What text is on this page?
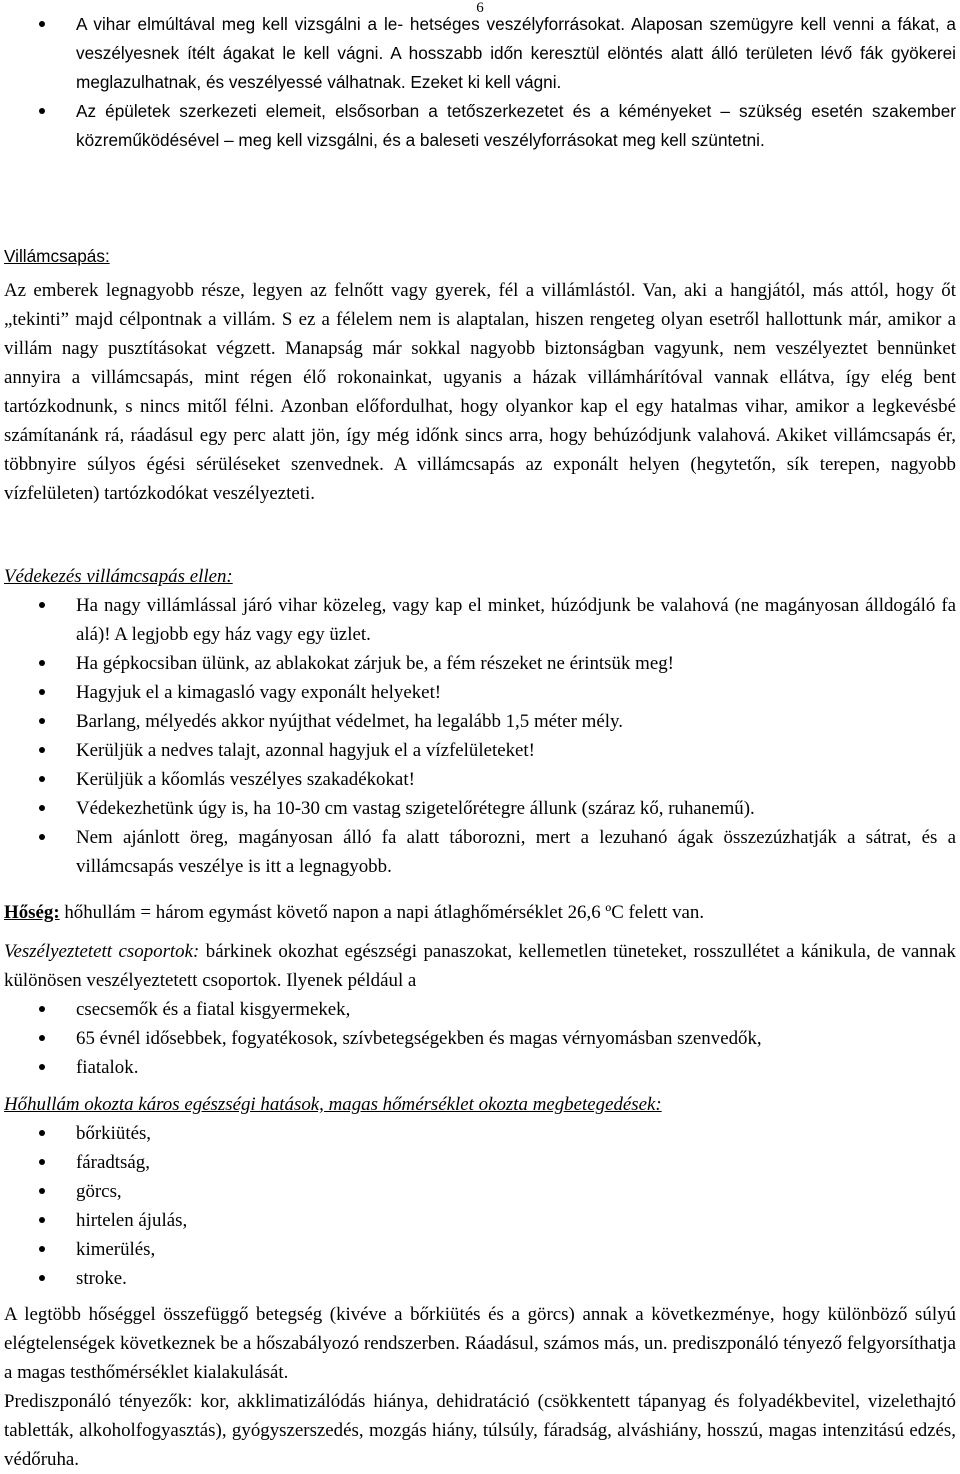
6
A vihar elmúltával meg kell vizsgálni a le- hetséges veszélyforrásokat. Alaposan szemügyre kell venni a fákat, a veszélyesnek ítélt ágakat le kell vágni. A hosszabb időn keresztül elöntés alatt álló területen lévő fák gyökerei meglazulhatnak, és veszélyessé válhatnak. Ezeket ki kell vágni.
Az épületek szerkezeti elemeit, elsősorban a tetőszerkezetet és a kéményeket – szükség esetén szakember közreműködésével – meg kell vizsgálni, és a baleseti veszélyforrásokat meg kell szüntetni.
Villámcsapás:

Az emberek legnagyobb része, legyen az felnőtt vagy gyerek, fél a villámlástól. Van, aki a hangjától, más attól, hogy őt „tekinti” majd célpontnak a villám. S ez a félelem nem is alaptalan, hiszen rengeteg olyan esetről hallottunk már, amikor a villám nagy pusztításokat végzett. Manapság már sokkal nagyobb biztonságban vagyunk, nem veszélyeztet bennünket annyira a villámcsapás, mint régen élő rokonainkat, ugyanis a házak villámhárítóval vannak ellátva, így elég bent tartózkodnunk, s nincs mitől félni. Azonban előfordulhat, hogy olyankor kap el egy hatalmas vihar, amikor a legkevésbé számítanánk rá, ráadásul egy perc alatt jön, így még időnk sincs arra, hogy behúzódjunk valahová. Akiket villámcsapás ér, többnyire súlyos égési sérüléseket szenvednek. A villámcsapás az exponált helyen (hegytetőn, sík terepen, nagyobb vízfelületen) tartózkodókat veszélyezteti.

Védekezés villámcsapás ellen:
Ha nagy villámlással járó vihar közeleg, vagy kap el minket, húzódjunk be valahová (ne magányosan álldogáló fa alá)! A legjobb egy ház vagy egy üzlet.
Ha gépkocsiban ülünk, az ablakokat zárjuk be, a fém részeket ne érintsük meg!
Hagyjuk el a kimagasló vagy exponált helyeket!
Barlang, mélyedés akkor nyújthat védelmet, ha legalább 1,5 méter mély.
Kerüljük a nedves talajt, azonnal hagyjuk el a vízfelületeket!
Kerüljük a kőomlás veszélyes szakadékokat!
Védekezhetünk úgy is, ha 10-30 cm vastag szigetelőrétegre állunk (száraz kő, ruhanemű).
Nem ajánlott öreg, magányosan álló fa alatt táborozni, mert a lezuhanó ágak összezúzhatják a sátrat, és a villámcsapás veszélye is itt a legnagyobb.

Hőség: hőhullám = három egymást követő napon a napi átlaghőmérséklet 26,6 ºC felett van.

Veszélyeztetett csoportok: bárkinek okozhat egészségi panaszokat, kellemetlen tüneteket, rosszullétet a kánikula, de vannak különösen veszélyeztetett csoportok. Ilyenek például a

csecsemők és a fiatal kisgyermekek,
65 évnél idősebbek, fogyatékosok, szívbetegségekben és magas vérnyomásban szenvedők,
fiatalok.
Hőhullám okozta káros egészségi hatások, magas hőmérséklet okozta megbetegedések:
bőrkiütés,
fáradtság,
görcs,
hirtelen ájulás,
kimerülés,
stroke.

A legtöbb hőséggel összefüggő betegség (kivéve a bőrkiütés és a görcs) annak a következménye, hogy különböző súlyú elégtelenségek következnek be a hőszabályozó rendszerben. Ráadásul, számos más, un. prediszponáló tényező felgyorsíthatja a magas testhőmérséklet kialakulását.

Prediszponáló tényezők: kor, akklimatizálódás hiánya, dehidratáció (csökkentett tápanyag és folyadékbevitel, vizelethajtó tabletták, alkoholfogyasztás), gyógyszerszedés, mozgás hiány, túlsúly, fáradság, alváshiány, hosszú, magas intenzitású edzés, védőruha.
